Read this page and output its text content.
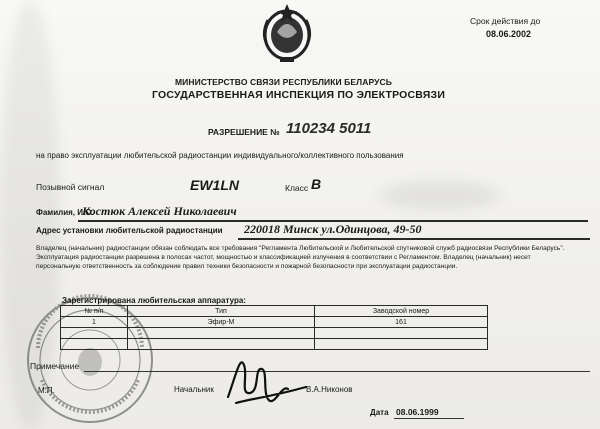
Срок действия до
08.06.2002
МИНИСТЕРСТВО СВЯЗИ РЕСПУБЛИКИ БЕЛАРУСЬ
ГОСУДАРСТВЕННАЯ ИНСПЕКЦИЯ ПО ЭЛЕКТРОСВЯЗИ
РАЗРЕШЕНИЕ № 110234 5011
на право эксплуатации любительской радиостанции индивидуального/коллективного пользования
Позывной сигнал	EW1LN	Класс В
Фамилия, И.О.
Костюк Алексей Николаевич
Адрес установки любительской радиостанции 220018 Минск ул.Одинцова, 49-50
Владелец (начальник) радиостанции обязан соблюдать все требования "Регламента Любительской и Любительской спутниковой служб радиосвязи Республики Беларусь". Эксплуатация радиостанции разрешена в полосах частот, мощностью и классификацией излучения в соответствии с Регламентом. Владелец (начальник) несет персональную ответственность за соблюдение правил техники безопасности и пожарной безопасности при эксплуатации радиостанции.
Зарегистрирована любительская аппаратура:
№ п/п	Тип	Заводской номер
1	Эфир-М	161

Примечание
М.П.	Начальник	В.А.Никонов
Дата 08.06.1999
